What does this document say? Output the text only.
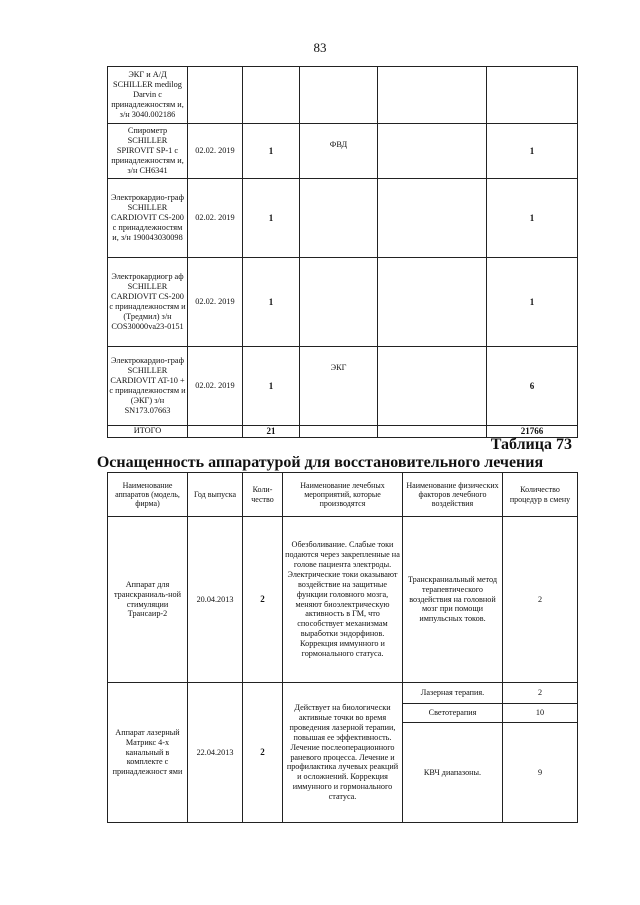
83
ЭКГ и А/Д SCHILLER medilog Darvin с принадлежностям и, з/н 3040.002186					
Спирометр SCHILLER SPIROVIT SP-1 с принадлежностям и, з/н CH6341	02.02. 2019	1	ФВД		1
Электрокардио-граф SCHILLER CARDIOVIT CS-200 с принадлежностям и, з/н 190043030098	02.02. 2019	1			1
Электрокардиогр аф SCHILLER CARDIOVIT CS-200 с принадлежностям и (Тредмил) з/н COS30000va23-0151	02.02. 2019	1			1
Электрокардио-граф SCHILLER CARDIOVIT AT-10 + с принадлежностям и (ЭКГ) з/н SN173.07663	02.02. 2019	1	ЭКГ		6
ИТОГО		21			21766
Таблица 73
Оснащенность аппаратурой для восстановительного лечения
Наименование аппаратов (модель, фирма)	Год выпуска	Коли-чество	Наименование лечебных мероприятий, которые производятся	Наименование физических факторов лечебного воздействия	Количество процедур в смену
Аппарат для транскраниаль-ной стимуляции Трансаир-2	20.04.2013	2	Обезболивание. Слабые токи подаются через закрепленные на голове пациента электроды. Электрические токи оказывают воздействие на защитные функции головного мозга, меняют биоэлектрическую активность в ГМ, что способствует механизмам выработки эндорфинов. Коррекция иммунного и гормонального статуса.	Транскраниальный метод терапевтического воздействия на головной мозг при помощи импульсных токов.	2
Аппарат лазерный Матрикс 4-х канальный в комплекте с принадлежност ями	22.04.2013	2	Действует на биологически активные точки во время проведения лазерной терапии, повышая ее эффективность. Лечение послеоперационного раневого процесса. Лечение и профилактика лучевых реакций и осложнений. Коррекция иммунного и гормонального статуса.	Лазерная терапия.	2
				Светотерапия	10
				КВЧ диапазоны.	9
